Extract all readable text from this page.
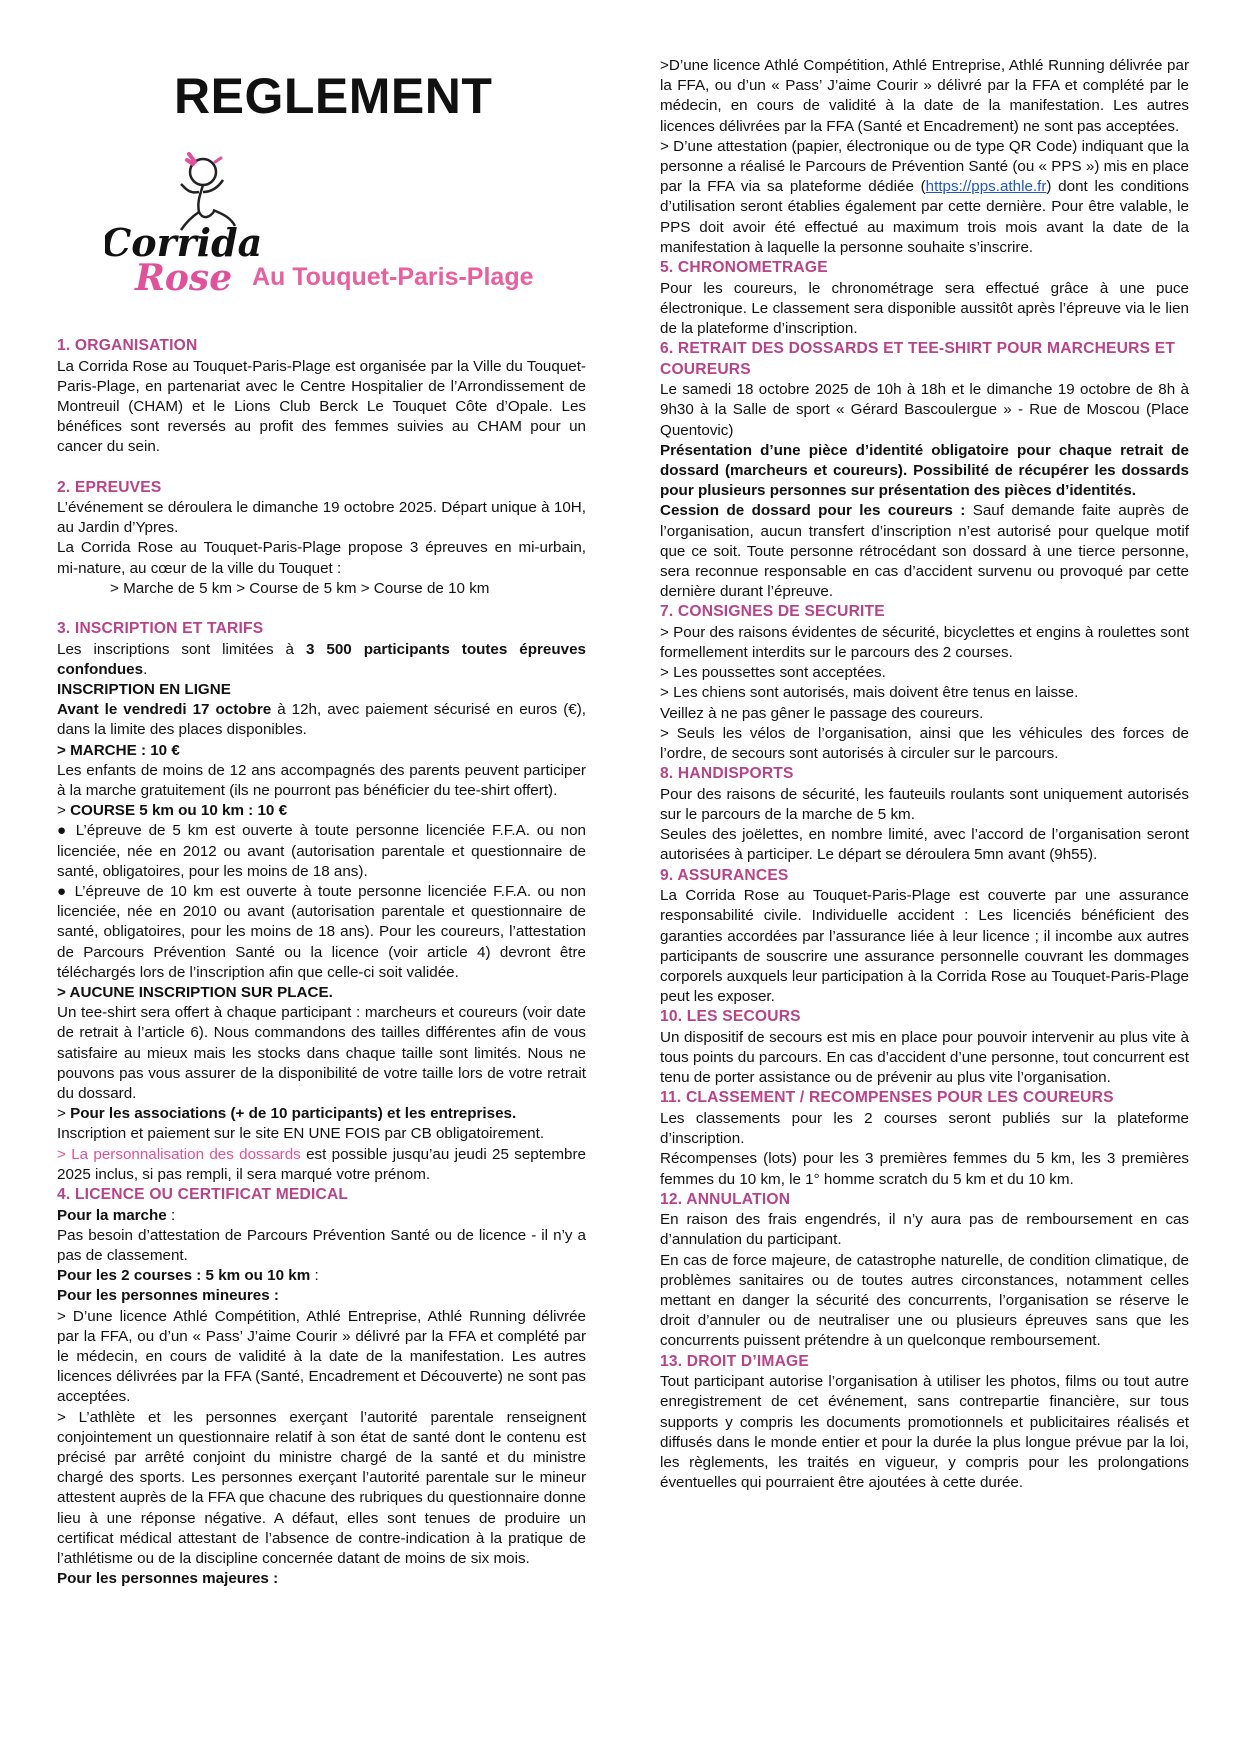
REGLEMENT
Corrida
Rose Au Touquet-Paris-Plage
1. ORGANISATION

La Corrida Rose au Touquet-Paris-Plage est organisée par la Ville du Touquet-Paris-Plage, en partenariat avec le Centre Hospitalier de l’Arrondissement de Montreuil (CHAM) et le Lions Club Berck Le Touquet Côte d’Opale. Les bénéfices sont reversés au profit des femmes suivies au CHAM pour un cancer du sein.

2. EPREUVES

L’événement se déroulera le dimanche 19 octobre 2025. Départ unique à 10H, au Jardin d’Ypres.

La Corrida Rose au Touquet-Paris-Plage propose 3 épreuves en mi-urbain, mi-nature, au cœur de la ville du Touquet :

> Marche de 5 km > Course de 5 km > Course de 10 km

3. INSCRIPTION ET TARIFS

Les inscriptions sont limitées à 3 500 participants toutes épreuves confondues.

INSCRIPTION EN LIGNE

Avant le vendredi 17 octobre à 12h, avec paiement sécurisé en euros (€), dans la limite des places disponibles.

> MARCHE : 10 €

Les enfants de moins de 12 ans accompagnés des parents peuvent participer à la marche gratuitement (ils ne pourront pas bénéficier du tee-shirt offert).

> COURSE 5 km ou 10 km : 10 €

● L’épreuve de 5 km est ouverte à toute personne licenciée F.F.A. ou non licenciée, née en 2012 ou avant (autorisation parentale et questionnaire de santé, obligatoires, pour les moins de 18 ans).

● L’épreuve de 10 km est ouverte à toute personne licenciée F.F.A. ou non licenciée, née en 2010 ou avant (autorisation parentale et questionnaire de santé, obligatoires, pour les moins de 18 ans). Pour les coureurs, l’attestation de Parcours Prévention Santé ou la licence (voir article 4) devront être téléchargés lors de l’inscription afin que celle-ci soit validée.

> AUCUNE INSCRIPTION SUR PLACE.

Un tee-shirt sera offert à chaque participant : marcheurs et coureurs (voir date de retrait à l’article 6). Nous commandons des tailles différentes afin de vous satisfaire au mieux mais les stocks dans chaque taille sont limités. Nous ne pouvons pas vous assurer de la disponibilité de votre taille lors de votre retrait du dossard.

> Pour les associations (+ de 10 participants) et les entreprises.

Inscription et paiement sur le site EN UNE FOIS par CB obligatoirement.

> La personnalisation des dossards est possible jusqu’au jeudi 25 septembre 2025 inclus, si pas rempli, il sera marqué votre prénom.

4. LICENCE OU CERTIFICAT MEDICAL

Pour la marche :

Pas besoin d’attestation de Parcours Prévention Santé ou de licence - il n’y a pas de classement.

Pour les 2 courses : 5 km ou 10 km :

Pour les personnes mineures :

> D’une licence Athlé Compétition, Athlé Entreprise, Athlé Running délivrée par la FFA, ou d’un « Pass’ J’aime Courir » délivré par la FFA et complété par le médecin, en cours de validité à la date de la manifestation. Les autres licences délivrées par la FFA (Santé, Encadrement et Découverte) ne sont pas acceptées.

> L’athlète et les personnes exerçant l’autorité parentale renseignent conjointement un questionnaire relatif à son état de santé dont le contenu est précisé par arrêté conjoint du ministre chargé de la santé et du ministre chargé des sports. Les personnes exerçant l’autorité parentale sur le mineur attestent auprès de la FFA que chacune des rubriques du questionnaire donne lieu à une réponse négative. A défaut, elles sont tenues de produire un certificat médical attestant de l’absence de contre-indication à la pratique de l’athlétisme ou de la discipline concernée datant de moins de six mois.

Pour les personnes majeures :

>D’une licence Athlé Compétition, Athlé Entreprise, Athlé Running délivrée par la FFA, ou d’un « Pass’ J’aime Courir » délivré par la FFA et complété par le médecin, en cours de validité à la date de la manifestation. Les autres licences délivrées par la FFA (Santé et Encadrement) ne sont pas acceptées.

> D’une attestation (papier, électronique ou de type QR Code) indiquant que la personne a réalisé le Parcours de Prévention Santé (ou « PPS ») mis en place par la FFA via sa plateforme dédiée (https://pps.athle.fr) dont les conditions d’utilisation seront établies également par cette dernière. Pour être valable, le PPS doit avoir été effectué au maximum trois mois avant la date de la manifestation à laquelle la personne souhaite s’inscrire.

5. CHRONOMETRAGE

Pour les coureurs, le chronométrage sera effectué grâce à une puce électronique. Le classement sera disponible aussitôt après l’épreuve via le lien de la plateforme d’inscription.

6. RETRAIT DES DOSSARDS ET TEE-SHIRT POUR MARCHEURS ET COUREURS

Le samedi 18 octobre 2025 de 10h à 18h et le dimanche 19 octobre de 8h à 9h30 à la Salle de sport « Gérard Bascoulergue » - Rue de Moscou (Place Quentovic)

Présentation d’une pièce d’identité obligatoire pour chaque retrait de dossard (marcheurs et coureurs). Possibilité de récupérer les dossards pour plusieurs personnes sur présentation des pièces d’identités.

Cession de dossard pour les coureurs : Sauf demande faite auprès de l’organisation, aucun transfert d’inscription n’est autorisé pour quelque motif que ce soit. Toute personne rétrocédant son dossard à une tierce personne, sera reconnue responsable en cas d’accident survenu ou provoqué par cette dernière durant l’épreuve.

7. CONSIGNES DE SECURITE

> Pour des raisons évidentes de sécurité, bicyclettes et engins à roulettes sont formellement interdits sur le parcours des 2 courses.

> Les poussettes sont acceptées.

> Les chiens sont autorisés, mais doivent être tenus en laisse.

Veillez à ne pas gêner le passage des coureurs.

> Seuls les vélos de l’organisation, ainsi que les véhicules des forces de l’ordre, de secours sont autorisés à circuler sur le parcours.

8. HANDISPORTS

Pour des raisons de sécurité, les fauteuils roulants sont uniquement autorisés sur le parcours de la marche de 5 km.

Seules des joëlettes, en nombre limité, avec l’accord de l’organisation seront autorisées à participer. Le départ se déroulera 5mn avant (9h55).

9. ASSURANCES

La Corrida Rose au Touquet-Paris-Plage est couverte par une assurance responsabilité civile. Individuelle accident : Les licenciés bénéficient des garanties accordées par l’assurance liée à leur licence ; il incombe aux autres participants de souscrire une assurance personnelle couvrant les dommages corporels auxquels leur participation à la Corrida Rose au Touquet-Paris-Plage peut les exposer.

10. LES SECOURS

Un dispositif de secours est mis en place pour pouvoir intervenir au plus vite à tous points du parcours. En cas d’accident d’une personne, tout concurrent est tenu de porter assistance ou de prévenir au plus vite l’organisation.

11. CLASSEMENT / RECOMPENSES POUR LES COUREURS

Les classements pour les 2 courses seront publiés sur la plateforme d’inscription.

Récompenses (lots) pour les 3 premières femmes du 5 km, les 3 premières femmes du 10 km, le 1° homme scratch du 5 km et du 10 km.

12. ANNULATION

En raison des frais engendrés, il n’y aura pas de remboursement en cas d’annulation du participant.

En cas de force majeure, de catastrophe naturelle, de condition climatique, de problèmes sanitaires ou de toutes autres circonstances, notamment celles mettant en danger la sécurité des concurrents, l’organisation se réserve le droit d’annuler ou de neutraliser une ou plusieurs épreuves sans que les concurrents puissent prétendre à un quelconque remboursement.

13. DROIT D’IMAGE

Tout participant autorise l’organisation à utiliser les photos, films ou tout autre enregistrement de cet événement, sans contrepartie financière, sur tous supports y compris les documents promotionnels et publicitaires réalisés et diffusés dans le monde entier et pour la durée la plus longue prévue par la loi, les règlements, les traités en vigueur, y compris pour les prolongations éventuelles qui pourraient être ajoutées à cette durée.
